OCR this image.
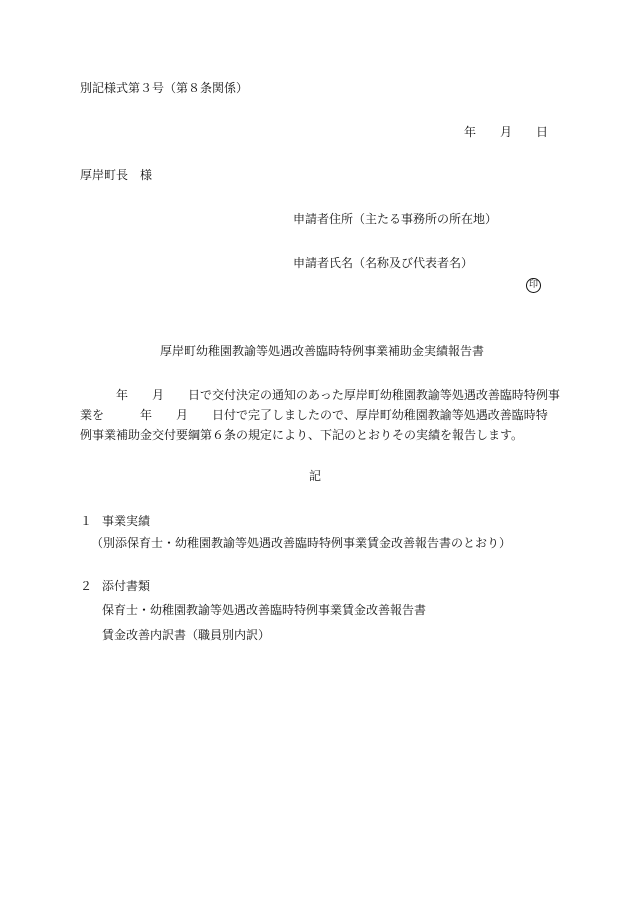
別記様式第３号（第８条関係）
年 月 日
厚岸町長　様
申請者住所（主たる事務所の所在地）
申請者氏名（名称及び代表者名）
印
厚岸町幼稚園教諭等処遇改善臨時特例事業補助金実績報告書
年 月 日で交付決定の通知のあった厚岸町幼稚園教諭等処遇改善臨時特例事
業を	年 月 日付で完了しましたので、厚岸町幼稚園教諭等処遇改善臨時特
例事業補助金交付要綱第６条の規定により、下記のとおりその実績を報告します。
記
１ 事業実績
（別添保育士・幼稚園教諭等処遇改善臨時特例事業賃金改善報告書のとおり）
２ 添付書類
保育士・幼稚園教諭等処遇改善臨時特例事業賃金改善報告書
賃金改善内訳書（職員別内訳）
